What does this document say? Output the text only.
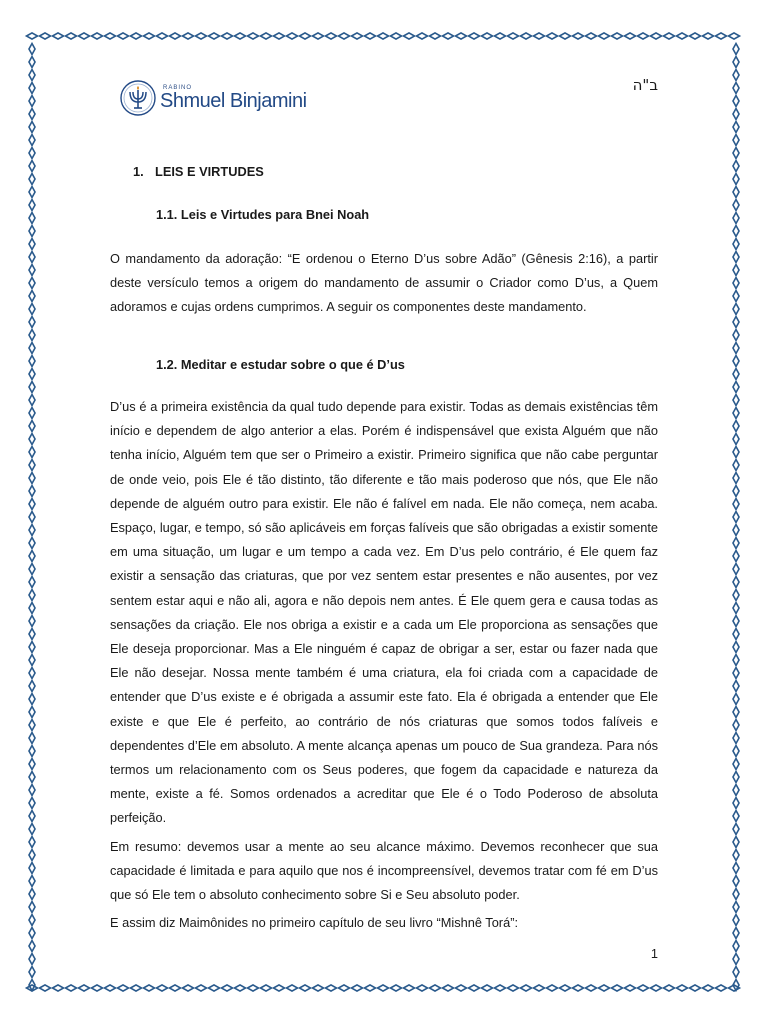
ב"ה
RABINO
Shmuel Binjamini
1. LEIS E VIRTUDES
1.1. Leis e Virtudes para Bnei Noah

O mandamento da adoração: “E ordenou o Eterno D’us sobre Adão” (Gênesis 2:16), a partir deste versículo temos a origem do mandamento de assumir o Criador como D’us, a Quem adoramos e cujas ordens cumprimos. A seguir os componentes deste mandamento.

1.2. Meditar e estudar sobre o que é D’us

D’us é a primeira existência da qual tudo depende para existir. Todas as demais existências têm início e dependem de algo anterior a elas. Porém é indispensável que exista Alguém que não tenha início, Alguém tem que ser o Primeiro a existir. Primeiro significa que não cabe perguntar de onde veio, pois Ele é tão distinto, tão diferente e tão mais poderoso que nós, que Ele não depende de alguém outro para existir. Ele não é falível em nada. Ele não começa, nem acaba. Espaço, lugar, e tempo, só são aplicáveis em forças falíveis que são obrigadas a existir somente em uma situação, um lugar e um tempo a cada vez. Em D’us pelo contrário, é Ele quem faz existir a sensação das criaturas, que por vez sentem estar presentes e não ausentes, por vez sentem estar aqui e não ali, agora e não depois nem antes. É Ele quem gera e causa todas as sensações da criação. Ele nos obriga a existir e a cada um Ele proporciona as sensações que Ele deseja proporcionar. Mas a Ele ninguém é capaz de obrigar a ser, estar ou fazer nada que Ele não desejar. Nossa mente também é uma criatura, ela foi criada com a capacidade de entender que D’us existe e é obrigada a assumir este fato. Ela é obrigada a entender que Ele existe e que Ele é perfeito, ao contrário de nós criaturas que somos todos falíveis e dependentes d’Ele em absoluto. A mente alcança apenas um pouco de Sua grandeza. Para nós termos um relacionamento com os Seus poderes, que fogem da capacidade e natureza da mente, existe a fé. Somos ordenados a acreditar que Ele é o Todo Poderoso de absoluta perfeição.

Em resumo: devemos usar a mente ao seu alcance máximo. Devemos reconhecer que sua capacidade é limitada e para aquilo que nos é incompreensível, devemos tratar com fé em D’us que só Ele tem o absoluto conhecimento sobre Si e Seu absoluto poder.

E assim diz Maimônides no primeiro capítulo de seu livro “Mishnê Torá”:

1
